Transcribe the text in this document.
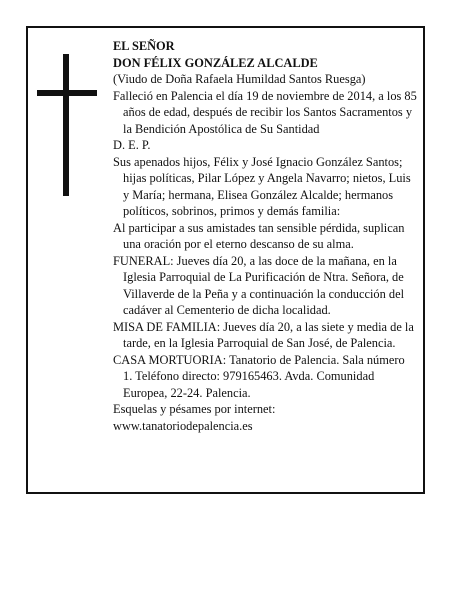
EL SEÑOR

DON FÉLIX GONZÁLEZ ALCALDE

(Viudo de Doña Rafaela Humildad Santos Ruesga)

Falleció en Palencia el día 19 de noviembre de 2014, a los 85 años de edad, después de recibir los Santos Sacramentos y la Bendición Apostólica de Su Santidad

D. E. P.

Sus apenados hijos, Félix y José Ignacio González Santos; hijas políticas, Pilar López y Angela Navarro; nietos, Luis y María; hermana, Elisea González Alcalde; hermanos políticos, sobrinos, primos y demás familia:

Al participar a sus amistades tan sensible pérdida, suplican una oración por el eterno descanso de su alma.

FUNERAL: Jueves día 20, a las doce de la mañana, en la Iglesia Parroquial de La Purificación de Ntra. Señora, de Villaverde de la Peña y a continuación la conducción del cadáver al Cementerio de dicha localidad.

MISA DE FAMILIA: Jueves día 20, a las siete y media de la tarde, en la Iglesia Parroquial de San José, de Palencia.

CASA MORTUORIA: Tanatorio de Palencia. Sala número 1. Teléfono directo: 979165463. Avda. Comunidad Europea, 22-24. Palencia.

Esquelas y pésames por internet:

www.tanatoriodepalencia.es
